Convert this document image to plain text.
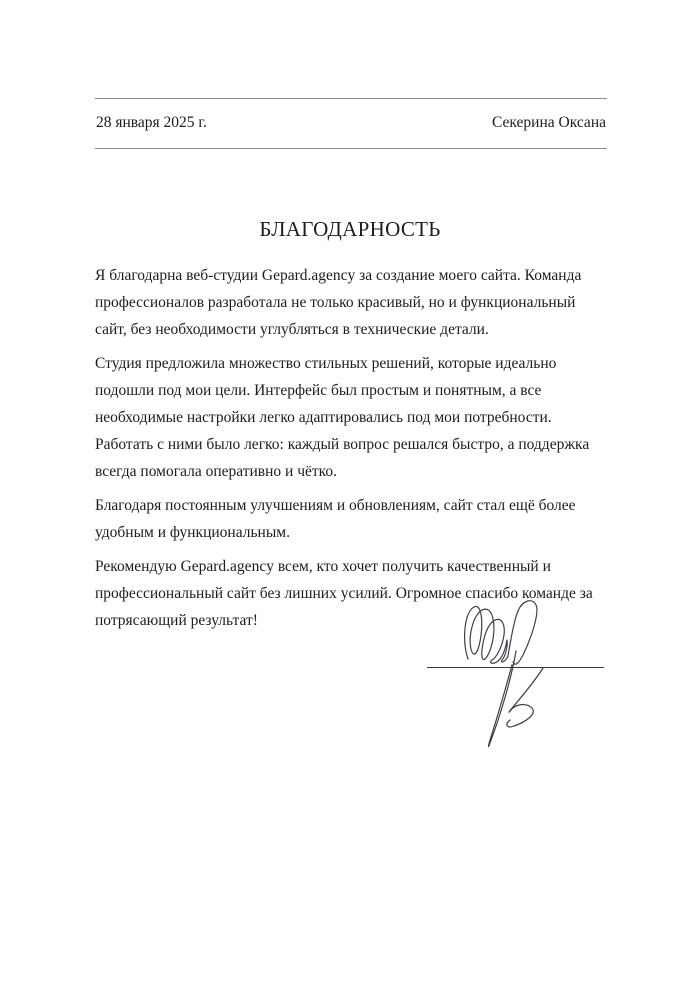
28 января 2025 г.	Секерина Оксана
БЛАГОДАРНОСТЬ

Я благодарна веб-студии Gepard.agency за создание моего сайта. Команда профессионалов разработала не только красивый, но и функциональный сайт, без необходимости углубляться в технические детали.

Студия предложила множество стильных решений, которые идеально подошли под мои цели. Интерфейс был простым и понятным, а все необходимые настройки легко адаптировались под мои потребности. Работать с ними было легко: каждый вопрос решался быстро, а поддержка всегда помогала оперативно и чётко.

Благодаря постоянным улучшениям и обновлениям, сайт стал ещё более удобным и функциональным.

Рекомендую Gepard.agency всем, кто хочет получить качественный и профессиональный сайт без лишних усилий. Огромное спасибо команде за потрясающий результат!
